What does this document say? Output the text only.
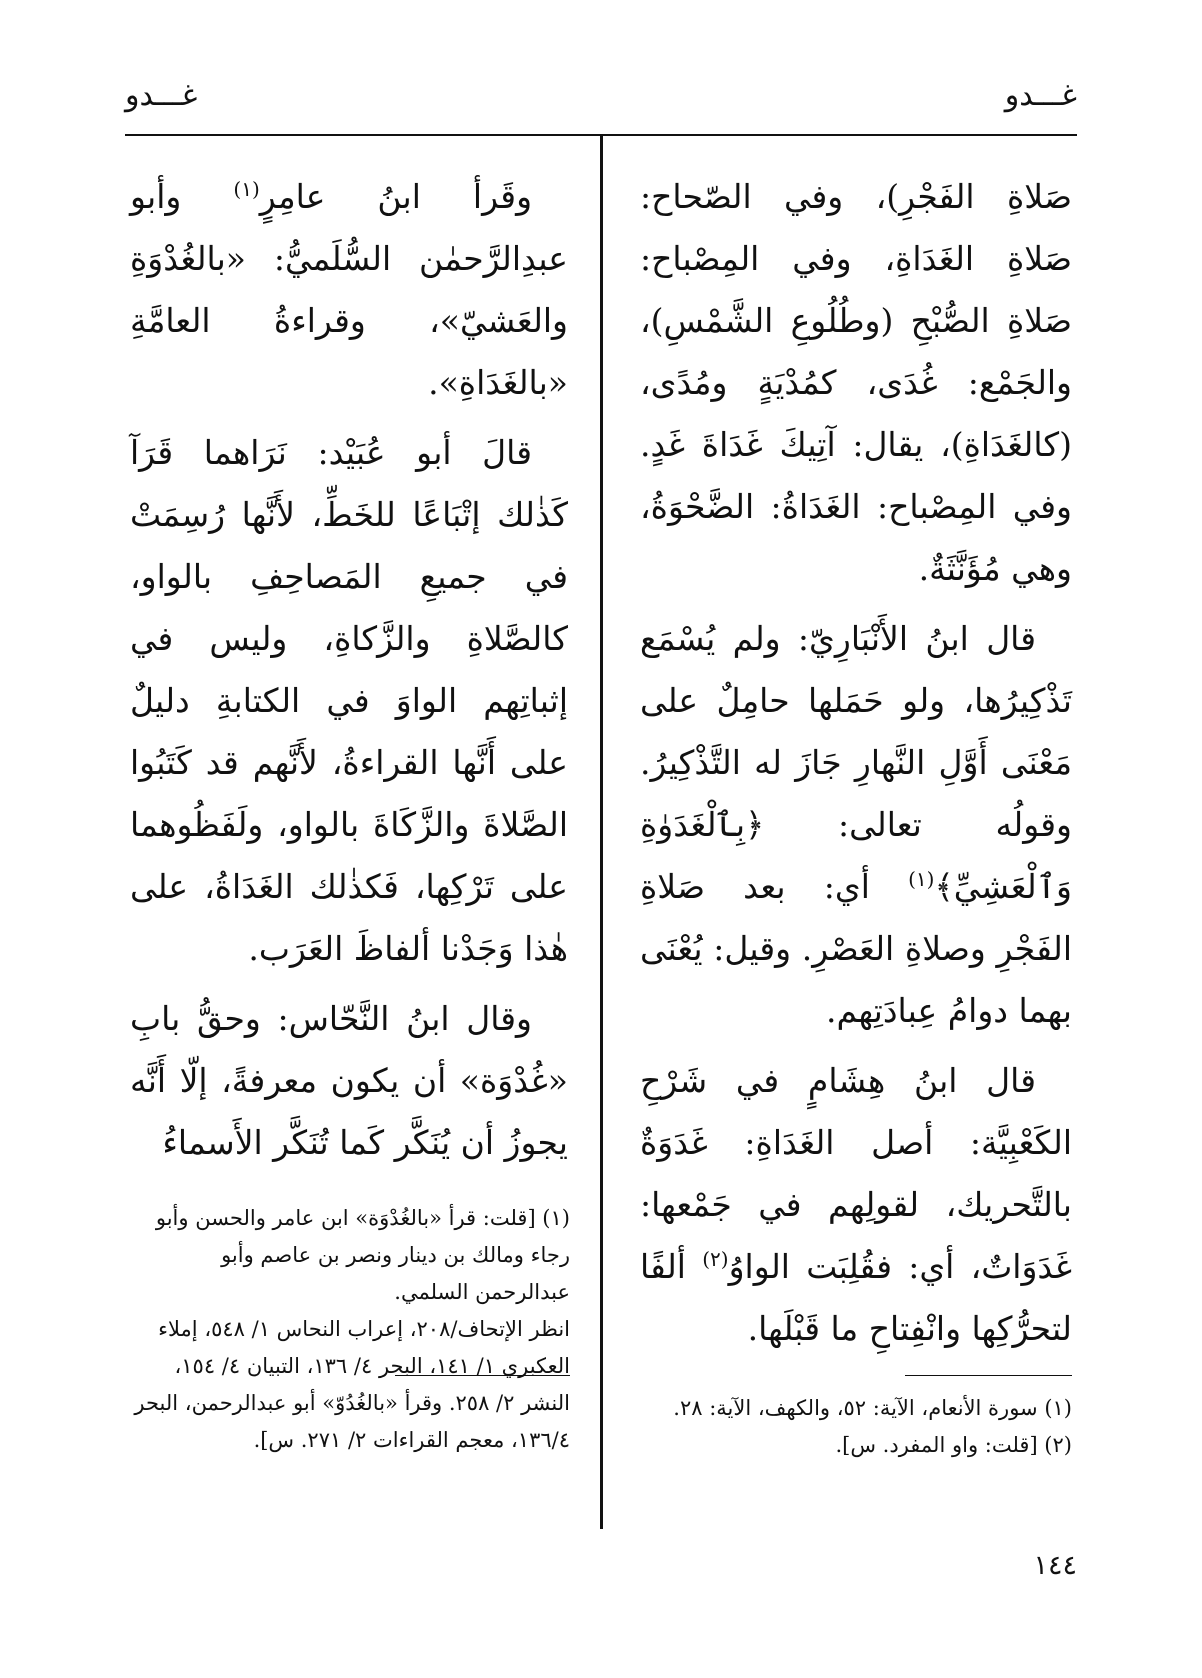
غـــدو
غـــدو

صَلاةِ الفَجْرِ)، وفي الصّحاح: صَلاةِ الغَدَاةِ، وفي المِصْباح: صَلاةِ الصُّبْحِ (وطُلُوعِ الشَّمْسِ)، والجَمْع: غُدَى، كمُدْيَةٍ ومُدًى، (كالغَدَاةِ)، يقال: آتِيكَ غَدَاةَ غَدٍ. وفي المِصْباح: الغَدَاةُ: الضَّحْوَةُ، وهي مُؤَنَّثَةٌ.

قال ابنُ الأَنْبَارِيّ: ولم يُسْمَع تَذْكِيرُها، ولو حَمَلها حامِلٌ على مَعْنَى أَوَّلِ النَّهارِ جَازَ له التَّذْكِيرُ. وقولُه تعالى: ﴿بِٱلْغَدَوٰةِ وَٱلْعَشِيِّ﴾$^{(١)}$ أي: بعد صَلاةِ الفَجْرِ وصلاةِ العَصْرِ. وقيل: يُعْنَى بهما دوامُ عِبادَتِهم.

قال ابنُ هِشَامٍ في شَرْحِ الكَعْبِيَّة: أصل الغَدَاةِ: غَدَوَةٌ بالتَّحريك، لقولِهم في جَمْعها: غَدَوَاتٌ، أي: فقُلِبَت الواوُ$^{(٢)}$ ألفًا لتحرُّكِها وانْفِتاحِ ما قَبْلَها.

وقَرأ ابنُ عامِرٍ$^{(١)}$ وأبو عبدِالرَّحمٰن السُّلَميُّ: «بالغُدْوَةِ والعَشيّ»، وقراءةُ العامَّةِ «بالغَدَاةِ».

قالَ أبو عُبَيْد: نَرَاهما قَرَآ كَذٰلك إتْبَاعًا للخَطِّ، لأَنَّها رُسِمَتْ في جميعِ المَصاحِفِ بالواو، كالصَّلاةِ والزَّكاةِ، وليس في إثباتِهم الواوَ في الكتابةِ دليلٌ على أَنَّها القراءةُ، لأَنَّهم قد كَتَبُوا الصَّلاةَ والزَّكَاةَ بالواو، ولَفَظُوهما على تَرْكِها، فَكذٰلك الغَدَاةُ، على هٰذا وَجَدْنا ألفاظَ العَرَب.

وقال ابنُ النَّحّاس: وحقُّ بابِ «غُدْوَة» أن يكون معرفةً، إلّا أَنَّه يجوزُ أن يُنَكَّر كَما تُنَكَّر الأَسماءُ

(١) [قلت: قرأ «بالغُدْوَة» ابن عامر والحسن وأبو رجاء ومالك بن دينار ونصر بن عاصم وأبو عبدالرحمن السلمي.
انظر الإتحاف/٢٠٨، إعراب النحاس ١/ ٥٤٨، إملاء العكبري ١/ ١٤١، البحر ٤/ ١٣٦، التبيان ٤/ ١٥٤، النشر ٢/ ٢٥٨. وقرأ «بالغُدُوّ» أبو عبدالرحمن، البحر ١٣٦/٤، معجم القراءات ٢/ ٢٧١. س].
(١) سورة الأنعام، الآية: ٥٢، والكهف، الآية: ٢٨.
(٢) [قلت: واو المفرد. س].
١٤٤
